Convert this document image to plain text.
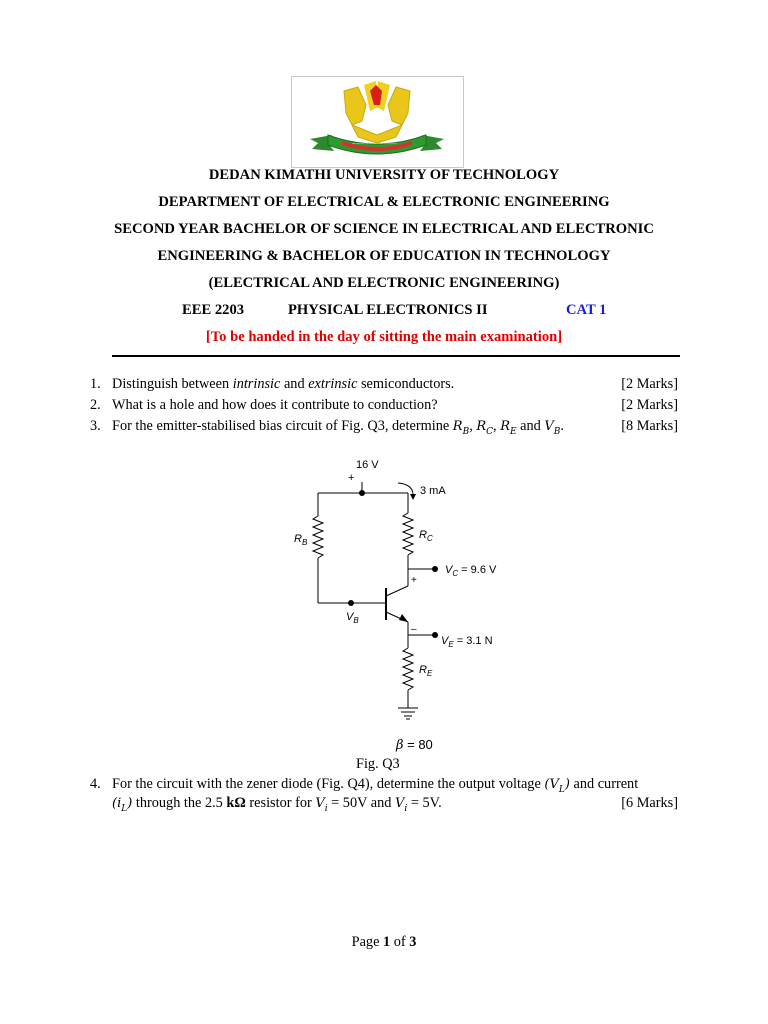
DEDAN KIMATHI UNIVERSITY OF TECHNOLOGY
DEDAN KIMATHI UNIVERSITY OF TECHNOLOGY
DEPARTMENT OF ELECTRICAL & ELECTRONIC ENGINEERING
SECOND YEAR BACHELOR OF SCIENCE IN ELECTRICAL AND ELECTRONIC
ENGINEERING & BACHELOR OF EDUCATION IN TECHNOLOGY
(ELECTRICAL AND ELECTRONIC ENGINEERING)
EEE 2203	PHYSICAL ELECTRONICS II	CAT 1
[To be handed in the day of sitting the main examination]
1. Distinguish between intrinsic and extrinsic semiconductors.	[2 Marks]
2. What is a hole and how does it contribute to conduction?	[2 Marks]
3. For the emitter-stabilised bias circuit of Fig. Q3, determine $R_B$, $R_C$, $R_E$ and $V_B$.	[8 Marks]
16 V
+
3 mA
$R_B$
$R_C$
$R_E$
$V_C = 9.6$ V
$V_E = 3.1$ N
$V_B$
+
–
β = 80
Fig. Q3
4. For the circuit with the zener diode (Fig. Q4), determine the output voltage $(V_L)$ and current
$(i_L)$ through the 2.5 kΩ resistor for $V_i = 50V$ and $V_i = 5V$.	[6 Marks]
Page 1 of 3
